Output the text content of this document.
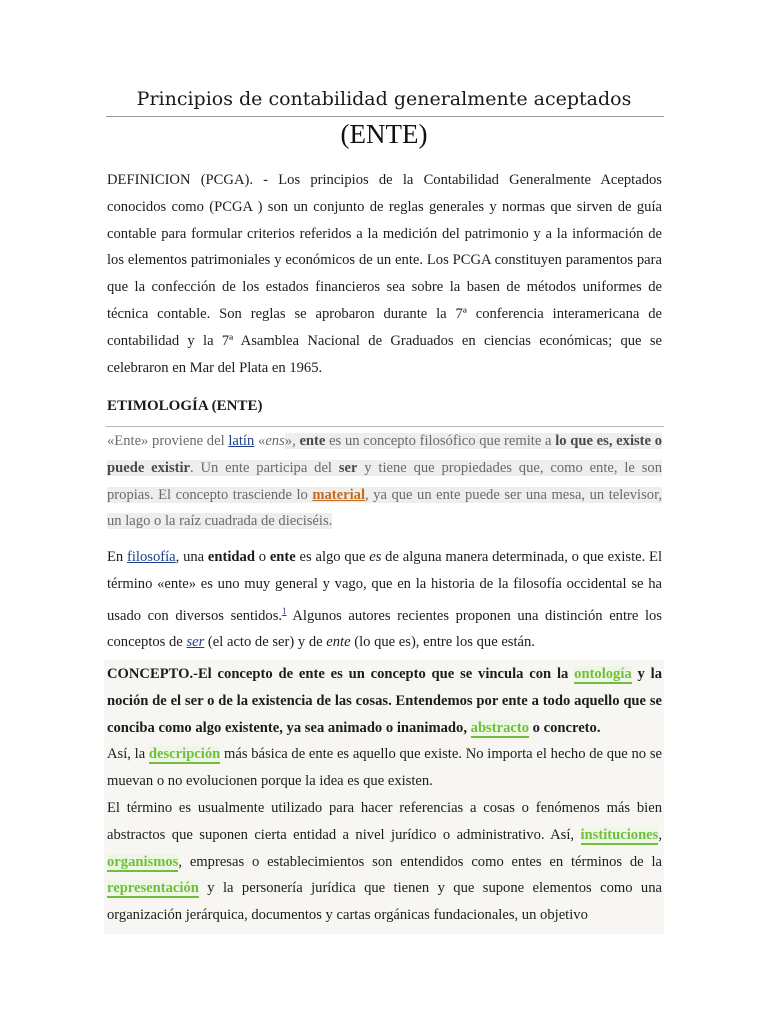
Principios de contabilidad generalmente aceptados
(ENTE)

DEFINICION (PCGA). - Los principios de la Contabilidad Generalmente Aceptados conocidos como (PCGA ) son un conjunto de reglas generales y normas que sirven de guía contable para formular criterios referidos a la medición del patrimonio y a la información de los elementos patrimoniales y económicos de un ente. Los PCGA constituyen paramentos para que la confección de los estados financieros sea sobre la basen de métodos uniformes de técnica contable. Son reglas se aprobaron durante la 7ª conferencia interamericana de contabilidad y la 7ª Asamblea Nacional de Graduados en ciencias económicas; que se celebraron en Mar del Plata en 1965.

ETIMOLOGÍA (ENTE)

«Ente» proviene del latín «ens», ente es un concepto filosófico que remite a lo que es, existe o puede existir. Un ente participa del ser y tiene que propiedades que, como ente, le son propias. El concepto trasciende lo material, ya que un ente puede ser una mesa, un televisor, un lago o la raíz cuadrada de dieciséis.

En filosofía, una entidad o ente es algo que es de alguna manera determinada, o que existe. El término «ente» es uno muy general y vago, que en la historia de la filosofía occidental se ha usado con diversos sentidos.$^1$ Algunos autores recientes proponen una distinción entre los conceptos de ser (el acto de ser) y de ente (lo que es), entre los que están.

CONCEPTO.-El concepto de ente es un concepto que se vincula con la ontología y la noción de el ser o de la existencia de las cosas. Entendemos por ente a todo aquello que se conciba como algo existente, ya sea animado o inanimado, abstracto o concreto.
Así, la descripción más básica de ente es aquello que existe. No importa el hecho de que no se muevan o no evolucionen porque la idea es que existen.
El término es usualmente utilizado para hacer referencias a cosas o fenómenos más bien abstractos que suponen cierta entidad a nivel jurídico o administrativo. Así, instituciones, organismos, empresas o establecimientos son entendidos como entes en términos de la representación y la personería jurídica que tienen y que supone elementos como una organización jerárquica, documentos y cartas orgánicas fundacionales, un objetivo
